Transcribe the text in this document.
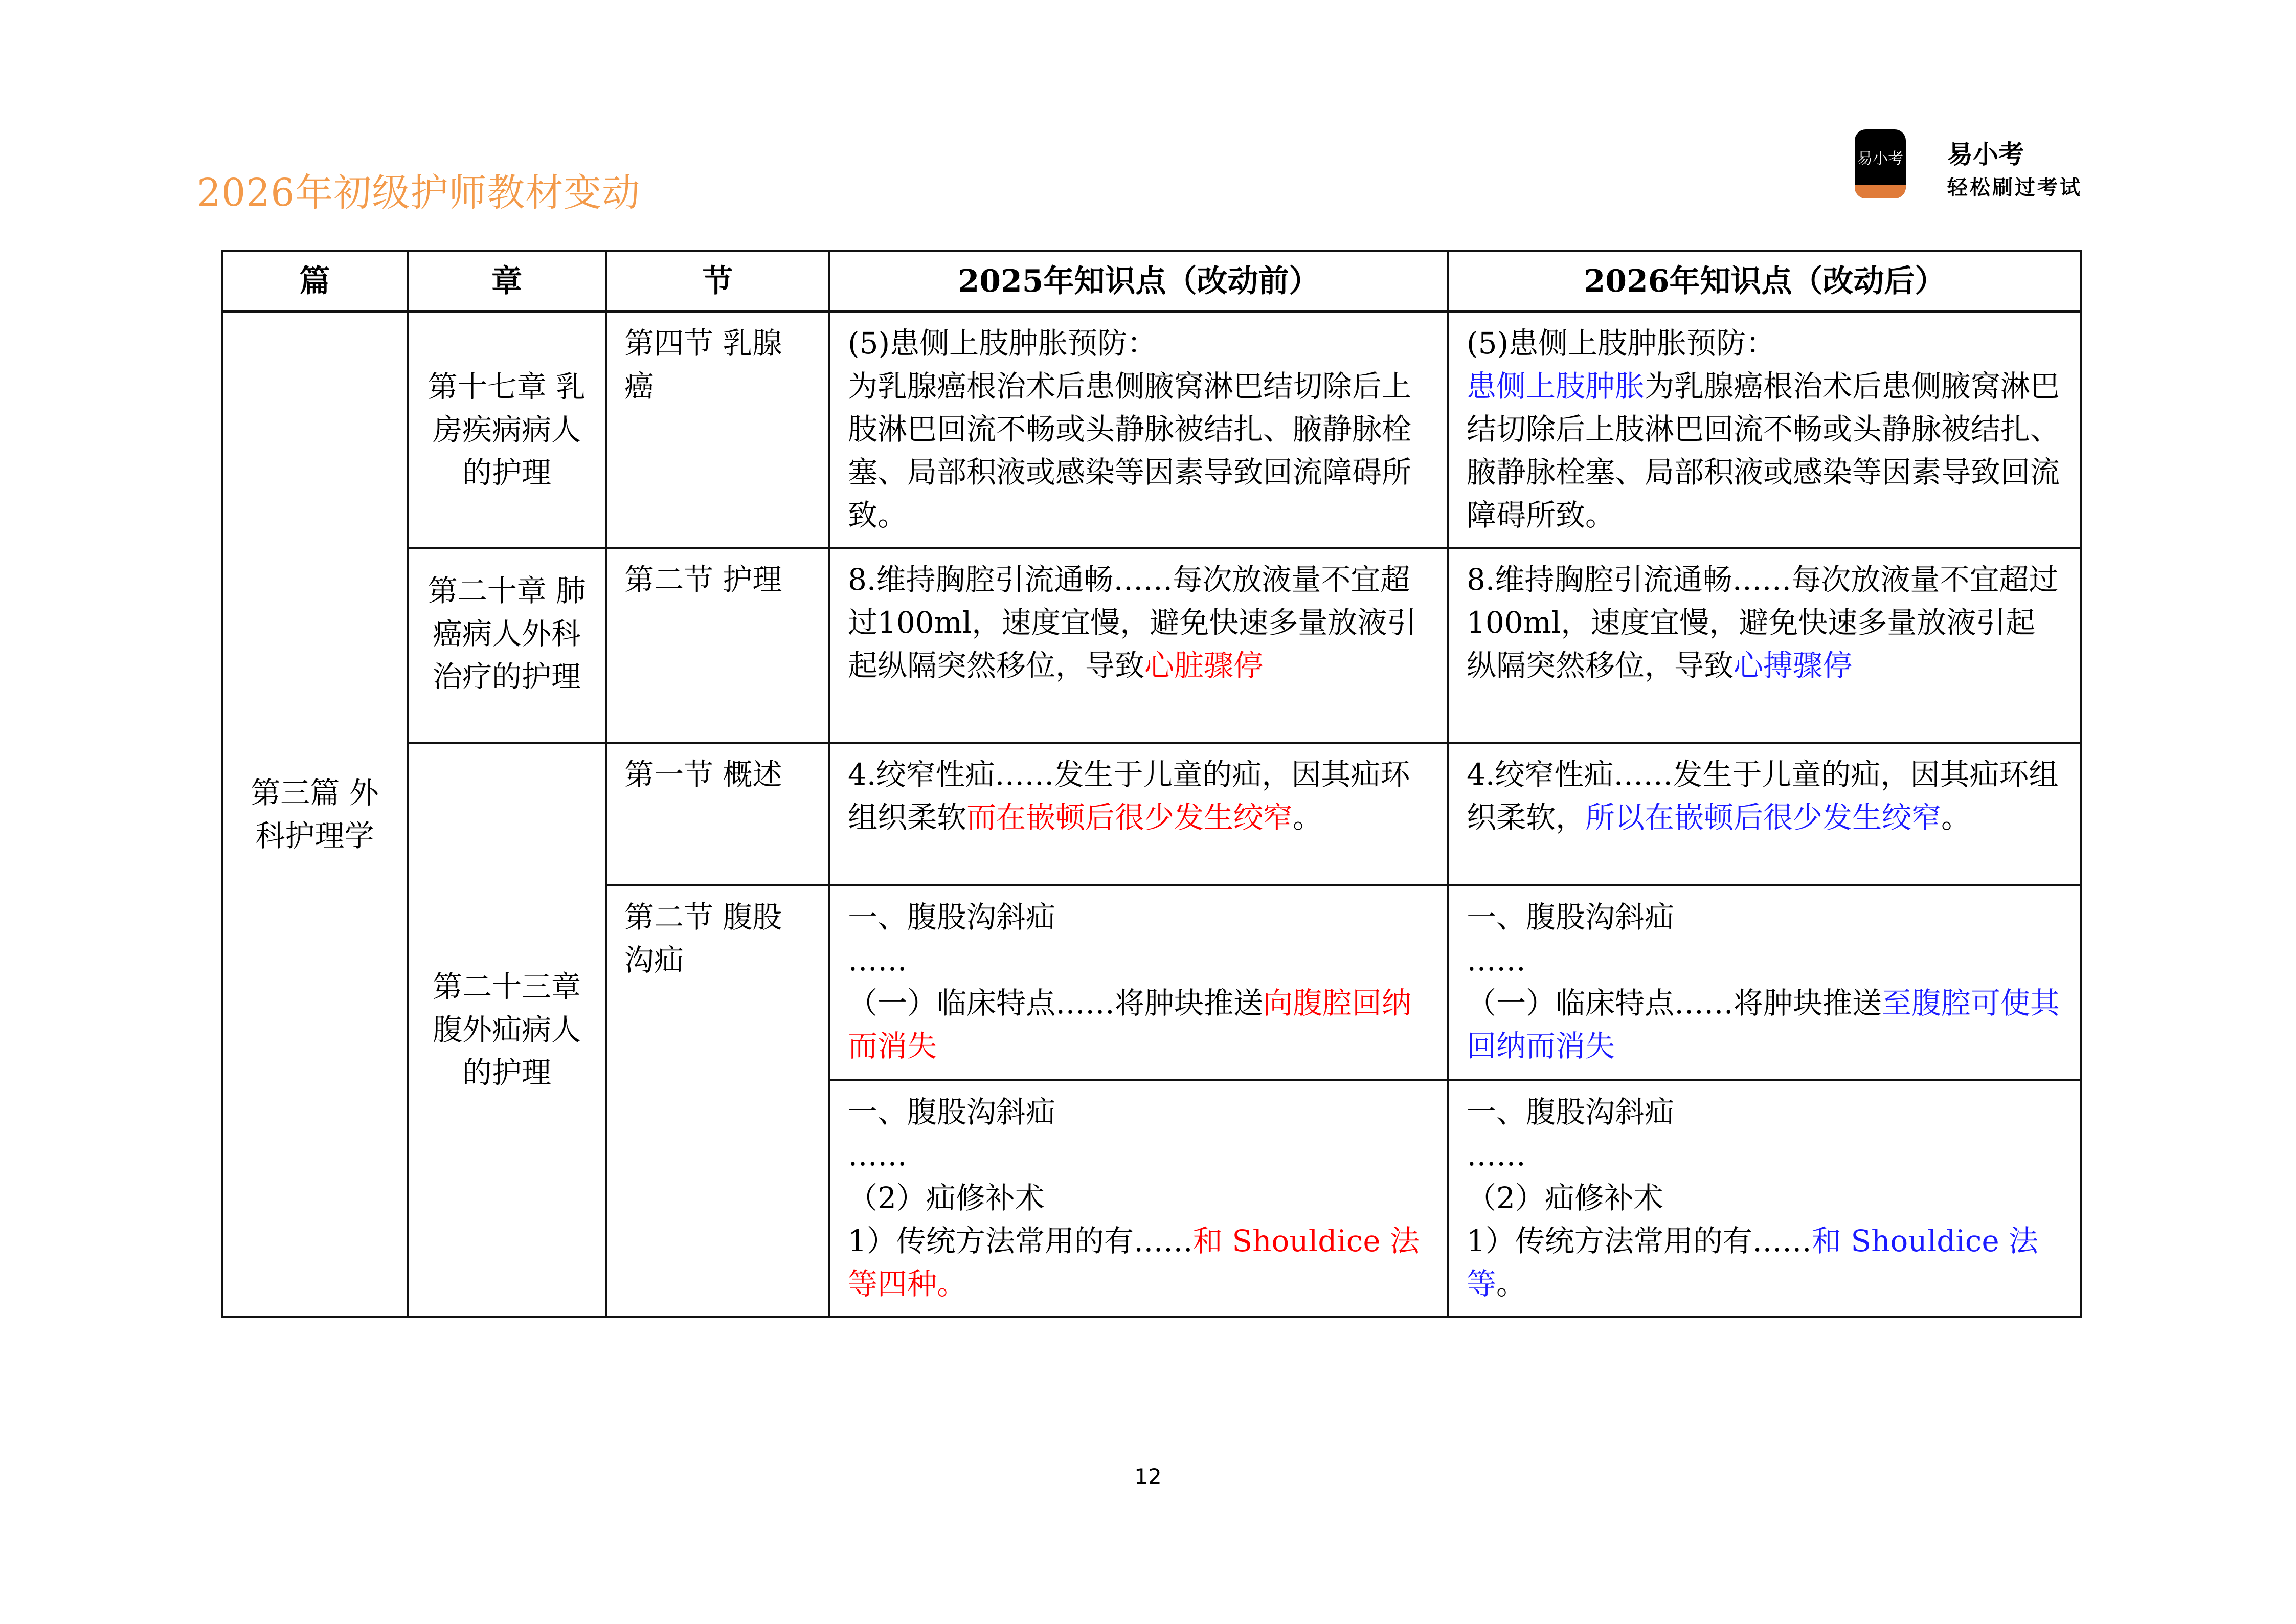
2026年初级护师教材变动
易小考 易小考
轻松刷过考试
篇	章	节	2025年知识点（改动前）	2026年知识点（改动后）
第三篇 外科护理学	第十七章 乳房疾病病人的护理	第四节 乳腺癌	(5)患侧上肢肿胀预防：
为乳腺癌根治术后患侧腋窝淋巴结切除后上肢淋巴回流不畅或头静脉被结扎、腋静脉栓塞、局部积液或感染等因素导致回流障碍所致。	(5)患侧上肢肿胀预防：
患侧上肢肿胀为乳腺癌根治术后患侧腋窝淋巴结切除后上肢淋巴回流不畅或头静脉被结扎、腋静脉栓塞、局部积液或感染等因素导致回流障碍所致。
	第二十章 肺癌病人外科治疗的护理	第二节 护理	8.维持胸腔引流通畅……每次放液量不宜超过100ml，速度宜慢，避免快速多量放液引起纵隔突然移位，导致心脏骤停	8.维持胸腔引流通畅……每次放液量不宜超过100ml，速度宜慢，避免快速多量放液引起纵隔突然移位，导致心搏骤停
	第二十三章 腹外疝病人的护理	第一节 概述	4.绞窄性疝……发生于儿童的疝，因其疝环组织柔软而在嵌顿后很少发生绞窄。	4.绞窄性疝……发生于儿童的疝，因其疝环组织柔软，所以在嵌顿后很少发生绞窄。
		第二节 腹股沟疝	一、腹股沟斜疝
……
（一）临床特点……将肿块推送向腹腔回纳而消失	一、腹股沟斜疝
……
（一）临床特点……将肿块推送至腹腔可使其回纳而消失

			一、腹股沟斜疝
……
（2）疝修补术
1）传统方法常用的有……和 Shouldice 法等四种。	一、腹股沟斜疝
……
（2）疝修补术
1）传统方法常用的有……和 Shouldice 法等。
12
